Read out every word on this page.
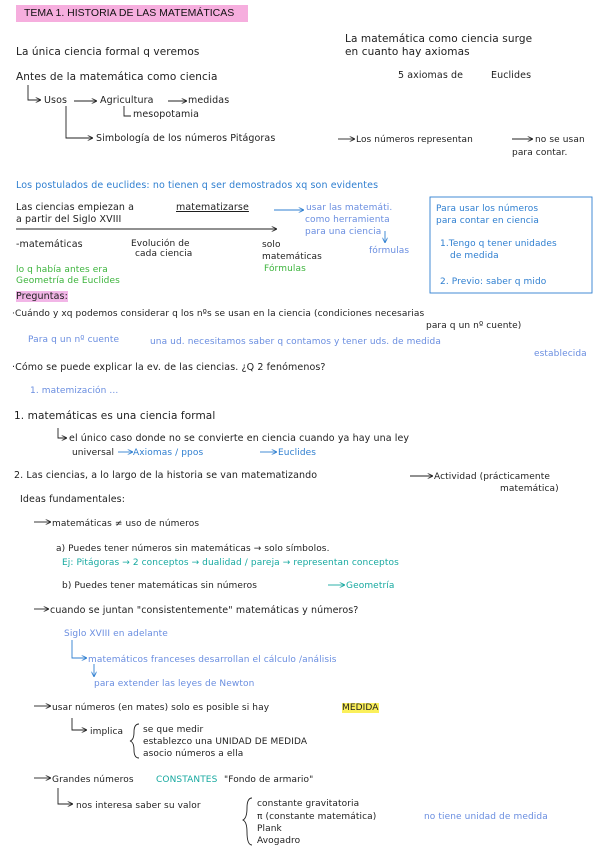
TEMA 1. HISTORIA DE LAS MATEMÁTICAS
La única ciencia formal q veremos
Antes de la matemática como ciencia
Usos	Agricultura	medidas
mesopotamia
Simbología de los números Pitágoras	Los números representan	no se usan
para contar.
La matemática como ciencia surge
en cuanto hay axiomas
5 axiomas de	Euclides
Los postulados de euclides: no tienen q ser demostrados xq son evidentes
Las ciencias empiezan a	matematizarse
a partir del Siglo XVIII
usar las matemáti.
como herramienta
para una ciencia
fórmulas
-matemáticas	Evolución de
cada ciencia
solo
matemáticas
Fórmulas
lo q había antes era
Geometría de Euclides
Para usar los números
para contar en ciencia
1.Tengo q tener unidades
de medida
2. Previo: saber q mido
Preguntas:
·Cuándo y xq podemos considerar q los nºs se usan en la ciencia (condiciones necesarias
para q un nº cuente)
Para q un nº cuente	una ud. necesitamos saber q contamos y tener uds. de medida
establecida
·Cómo se puede explicar la ev. de las ciencias. ¿Q 2 fenómenos?
1. matemización ...
1. matemáticas es una ciencia formal
el único caso donde no se convierte en ciencia cuando ya hay una ley
universal Axiomas / ppos	Euclides
2. Las ciencias, a lo largo de la historia se van matematizando	Actividad (prácticamente
matemática)
Ideas fundamentales:
matemáticas ≠ uso de números
a) Puedes tener números sin matemáticas → solo símbolos.
Ej: Pitágoras → 2 conceptos → dualidad / pareja → representan conceptos
b) Puedes tener matemáticas sin números	Geometría
cuando se juntan "consistentemente" matemáticas y números?
Siglo XVIII en adelante
matemáticos franceses desarrollan el cálculo /análisis
para extender las leyes de Newton
usar números (en mates) solo es posible si hay	MEDIDA
implica se que medir
establezco una UNIDAD DE MEDIDA
asocio números a ella
Grandes números CONSTANTES "Fondo de armario"
nos interesa saber su valor	constante gravitatoria
π (constante matemática)	no tiene unidad de medida
Plank
Avogadro
